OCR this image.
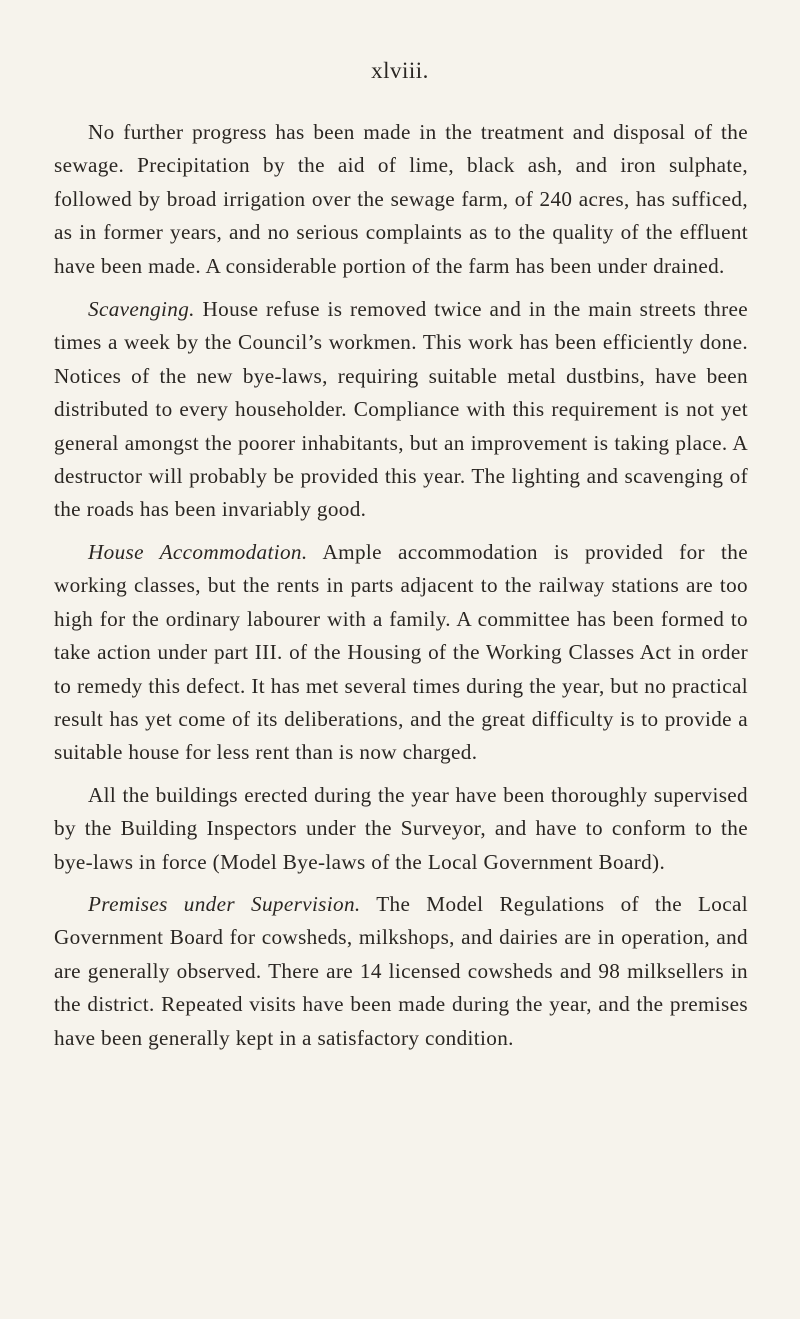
xlviii.

No further progress has been made in the treatment and disposal of the sewage. Precipitation by the aid of lime, black ash, and iron sulphate, followed by broad irrigation over the sewage farm, of 240 acres, has sufficed, as in former years, and no serious complaints as to the quality of the effluent have been made. A considerable portion of the farm has been under drained.

Scavenging. House refuse is removed twice and in the main streets three times a week by the Council’s workmen. This work has been efficiently done. Notices of the new bye-laws, requiring suitable metal dustbins, have been distributed to every householder. Compliance with this requirement is not yet general amongst the poorer inhabitants, but an improvement is taking place. A destructor will probably be provided this year. The lighting and scavenging of the roads has been invariably good.

House Accommodation. Ample accommodation is provided for the working classes, but the rents in parts adjacent to the railway stations are too high for the ordinary labourer with a family. A committee has been formed to take action under part III. of the Housing of the Working Classes Act in order to remedy this defect. It has met several times during the year, but no practical result has yet come of its deliberations, and the great difficulty is to provide a suitable house for less rent than is now charged.

All the buildings erected during the year have been thoroughly supervised by the Building Inspectors under the Surveyor, and have to conform to the bye-laws in force (Model Bye-laws of the Local Government Board).

Premises under Supervision. The Model Regulations of the Local Government Board for cowsheds, milkshops, and dairies are in operation, and are generally observed. There are 14 licensed cowsheds and 98 milksellers in the district. Repeated visits have been made during the year, and the premises have been generally kept in a satisfactory condition.
